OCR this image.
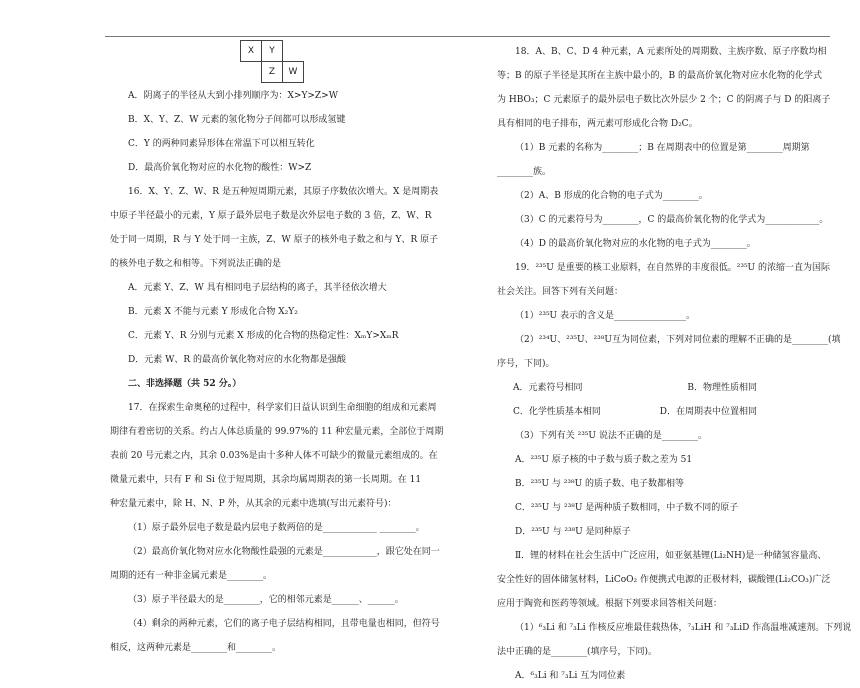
X	Y
Z	W

A．阴离子的半径从大到小排列顺序为：X>Y>Z>W

B．X、Y、Z、W 元素的氢化物分子间都可以形成氢键

C．Y 的两种同素异形体在常温下可以相互转化

D．最高价氧化物对应的水化物的酸性：W>Z

16．X、Y、Z、W、R 是五种短周期元素，其原子序数依次增大。X 是周期表

中原子半径最小的元素，Y 原子最外层电子数是次外层电子数的 3 倍，Z、W、R

处于同一周期，R 与 Y 处于同一主族，Z、W 原子的核外电子数之和与 Y、R 原子

的核外电子数之和相等。下列说法正确的是

A．元素 Y、Z、W 具有相同电子层结构的离子，其半径依次增大

B．元素 X 不能与元素 Y 形成化合物 X₂Y₂

C．元素 Y、R 分别与元素 X 形成的化合物的热稳定性：XₘY>XₘR

D．元素 W、R 的最高价氧化物对应的水化物都是强酸

二、非选择题（共 52 分。）

17．在探索生命奥秘的过程中，科学家们日益认识到生命细胞的组成和元素周

期律有着密切的关系。约占人体总质量的 99.97%的 11 种宏量元素，全部位于周期

表前 20 号元素之内，其余 0.03%是由十多种人体不可缺少的微量元素组成的。在

微量元素中，只有 F 和 Si 位于短周期，其余均属周期表的第一长周期。在 11

种宏量元素中，除 H、N、P 外，从其余的元素中选填(写出元素符号)：

（1）原子最外层电子数是最内层电子数两倍的是____________ ________。

（2）最高价氧化物对应水化物酸性最强的元素是____________，跟它处在同一

周期的还有一种非金属元素是________。

（3）原子半径最大的是________，它的相邻元素是______、______。

（4）剩余的两种元素，它们的离子电子层结构相同，且带电量也相同，但符号

相反，这两种元素是________和________。

18．A、B、C、D 4 种元素，A 元素所处的周期数、主族序数、原子序数均相

等；B 的原子半径是其所在主族中最小的，B 的最高价氧化物对应水化物的化学式

为 HBO₃；C 元素原子的最外层电子数比次外层少 2 个；C 的阴离子与 D 的阳离子

具有相同的电子排布，两元素可形成化合物 D₂C。

（1）B 元素的名称为________；B 在周期表中的位置是第________周期第

________族。

（2）A、B 形成的化合物的电子式为________。

（3）C 的元素符号为________，C 的最高价氧化物的化学式为____________。

（4）D 的最高价氧化物对应的水化物的电子式为________。

19．²³⁵U 是重要的核工业原料，在自然界的丰度很低。²³⁵U 的浓缩一直为国际

社会关注。回答下列有关问题：

（1）²³⁵U 表示的含义是________________。

（2）²³⁴U、²³⁵U、²³⁸U互为同位素，下列对同位素的理解不正确的是________(填

序号，下同)。

A．元素符号相同	B．物理性质相同
C．化学性质基本相同	D．在周期表中位置相同

（3）下列有关 ²³⁵U 说法不正确的是________。

A．²³⁵U 原子核的中子数与质子数之差为 51

B．²³⁵U 与 ²³⁸U 的质子数、电子数都相等

C．²³⁵U 与 ²³⁸U 是两种质子数相同，中子数不同的原子

D．²³⁵U 与 ²³⁸U 是同种原子

Ⅱ．锂的材料在社会生活中广泛应用，如亚氨基锂(Li₂NH)是一种储氢容量高、

安全性好的固体储氢材料，LiCoO₂ 作便携式电源的正极材料，碳酸锂(Li₂CO₃)广泛

应用于陶瓷和医药等领域。根据下列要求回答相关问题：

（1）⁶₃Li 和 ⁷₃Li 作核反应堆最佳载热体，⁷₃LiH 和 ⁷₃LiD 作高温堆减速剂。下列说

法中正确的是________(填序号，下同)。

A．⁶₃Li 和 ⁷₃Li 互为同位素
